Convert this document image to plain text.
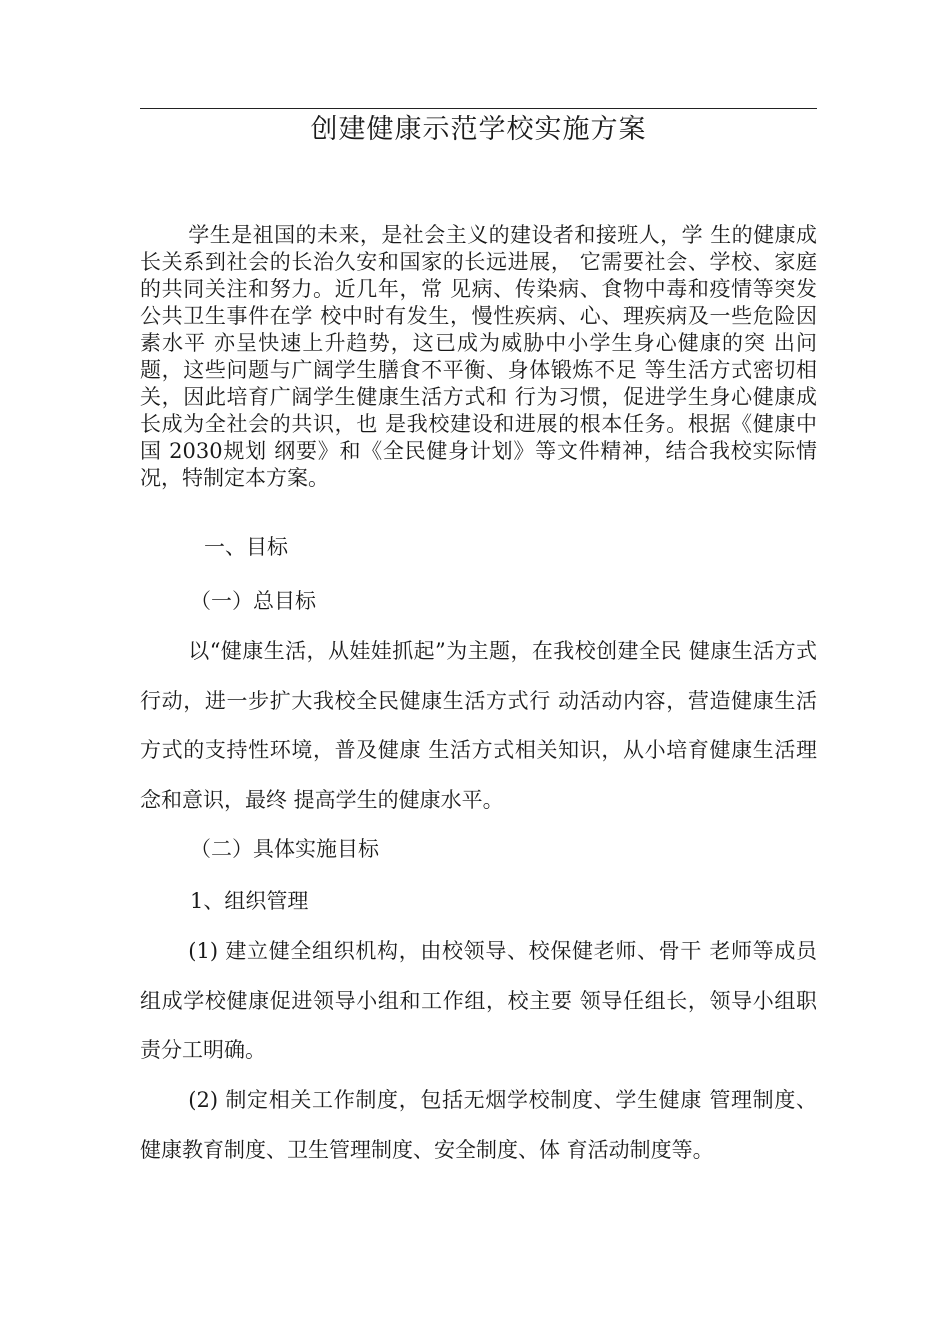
创建健康示范学校实施方案

学生是祖国的未来，是社会主义的建设者和接班人，学 生的健康成长关系到社会的长治久安和国家的长远进展， 它需要社会、学校、家庭的共同关注和努力。近几年，常 见病、传染病、食物中毒和疫情等突发公共卫生事件在学 校中时有发生，慢性疾病、心、理疾病及一些危险因素水平 亦呈快速上升趋势，这已成为威胁中小学生身心健康的突 出问题，这些问题与广阔学生膳食不平衡、身体锻炼不足 等生活方式密切相关，因此培育广阔学生健康生活方式和 行为习惯，促进学生身心健康成长成为全社会的共识，也 是我校建设和进展的根本任务。根据《健康中国 2030规划 纲要》和《全民健身计划》等文件精神，结合我校实际情况，特制定本方案。

一、目标

（一）总目标

以“健康生活，从娃娃抓起”为主题，在我校创建全民 健康生活方式行动，进一步扩大我校全民健康生活方式行 动活动内容，营造健康生活方式的支持性环境，普及健康 生活方式相关知识，从小培育健康生活理念和意识，最终 提高学生的健康水平。

（二）具体实施目标

1、组织管理

(1) 建立健全组织机构，由校领导、校保健老师、骨干 老师等成员组成学校健康促进领导小组和工作组，校主要 领导任组长，领导小组职责分工明确。

(2) 制定相关工作制度，包括无烟学校制度、学生健康 管理制度、健康教育制度、卫生管理制度、安全制度、体 育活动制度等。
